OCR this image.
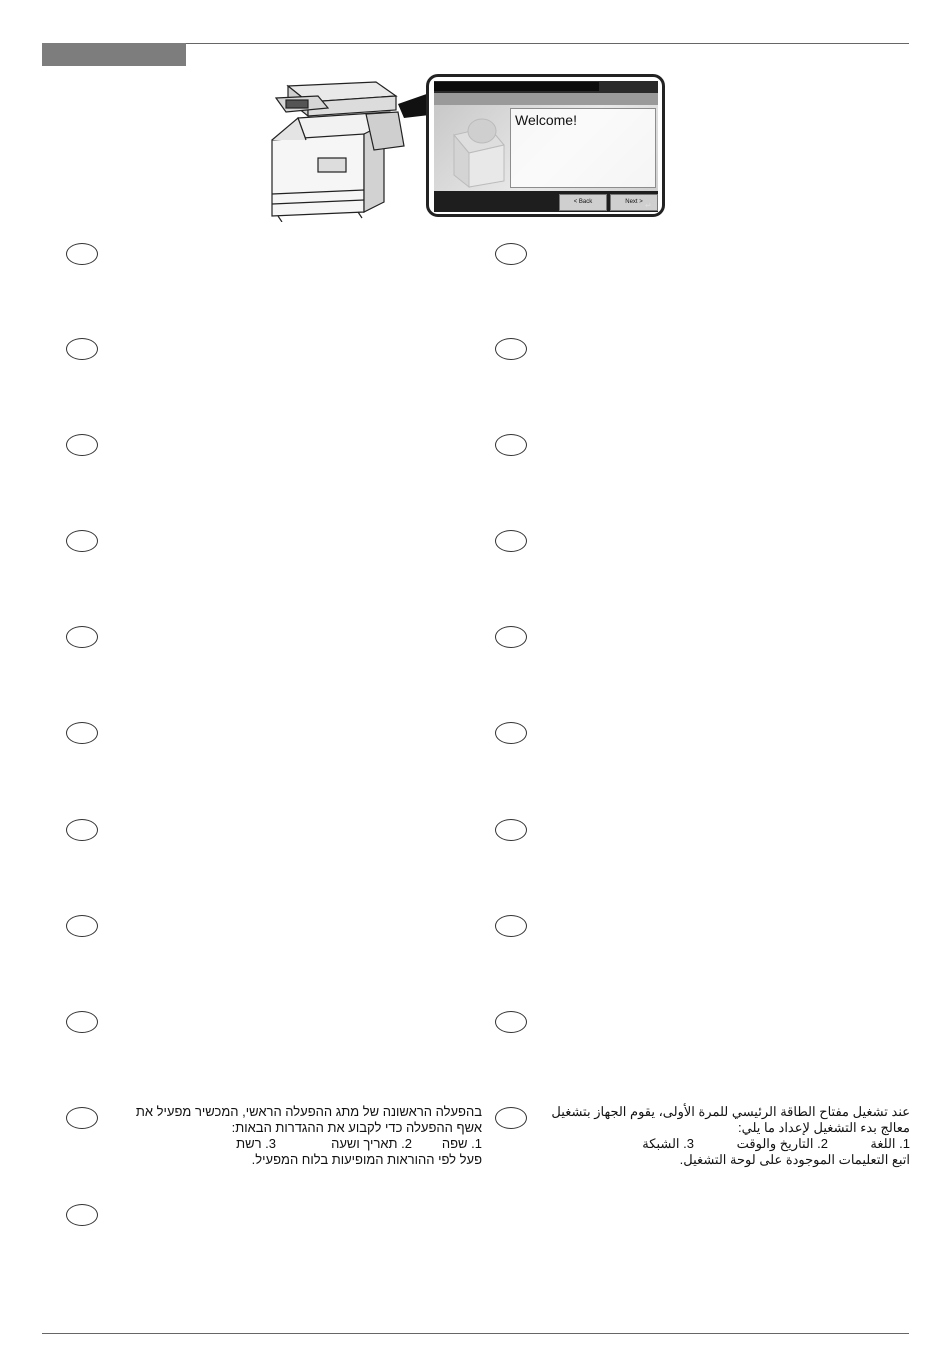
Welcome!
< Back	Next > ↵

בהפעלה הראשונה של מתג ההפעלה הראשי, המכשיר מפעיל את אשף ההפעלה כדי לקבוע את ההגדרות הבאות:

1. שפה
2. תאריך ושעה
3. רשת

פעל לפי ההוראות המופיעות בלוח המפעיל.

عند تشغيل مفتاح الطاقة الرئيسي للمرة الأولى، يقوم الجهاز بتشغيل معالج بدء التشغيل لإعداد ما يلي:

1. اللغة
2. التاريخ والوقت
3. الشبكة

اتبع التعليمات الموجودة على لوحة التشغيل.
